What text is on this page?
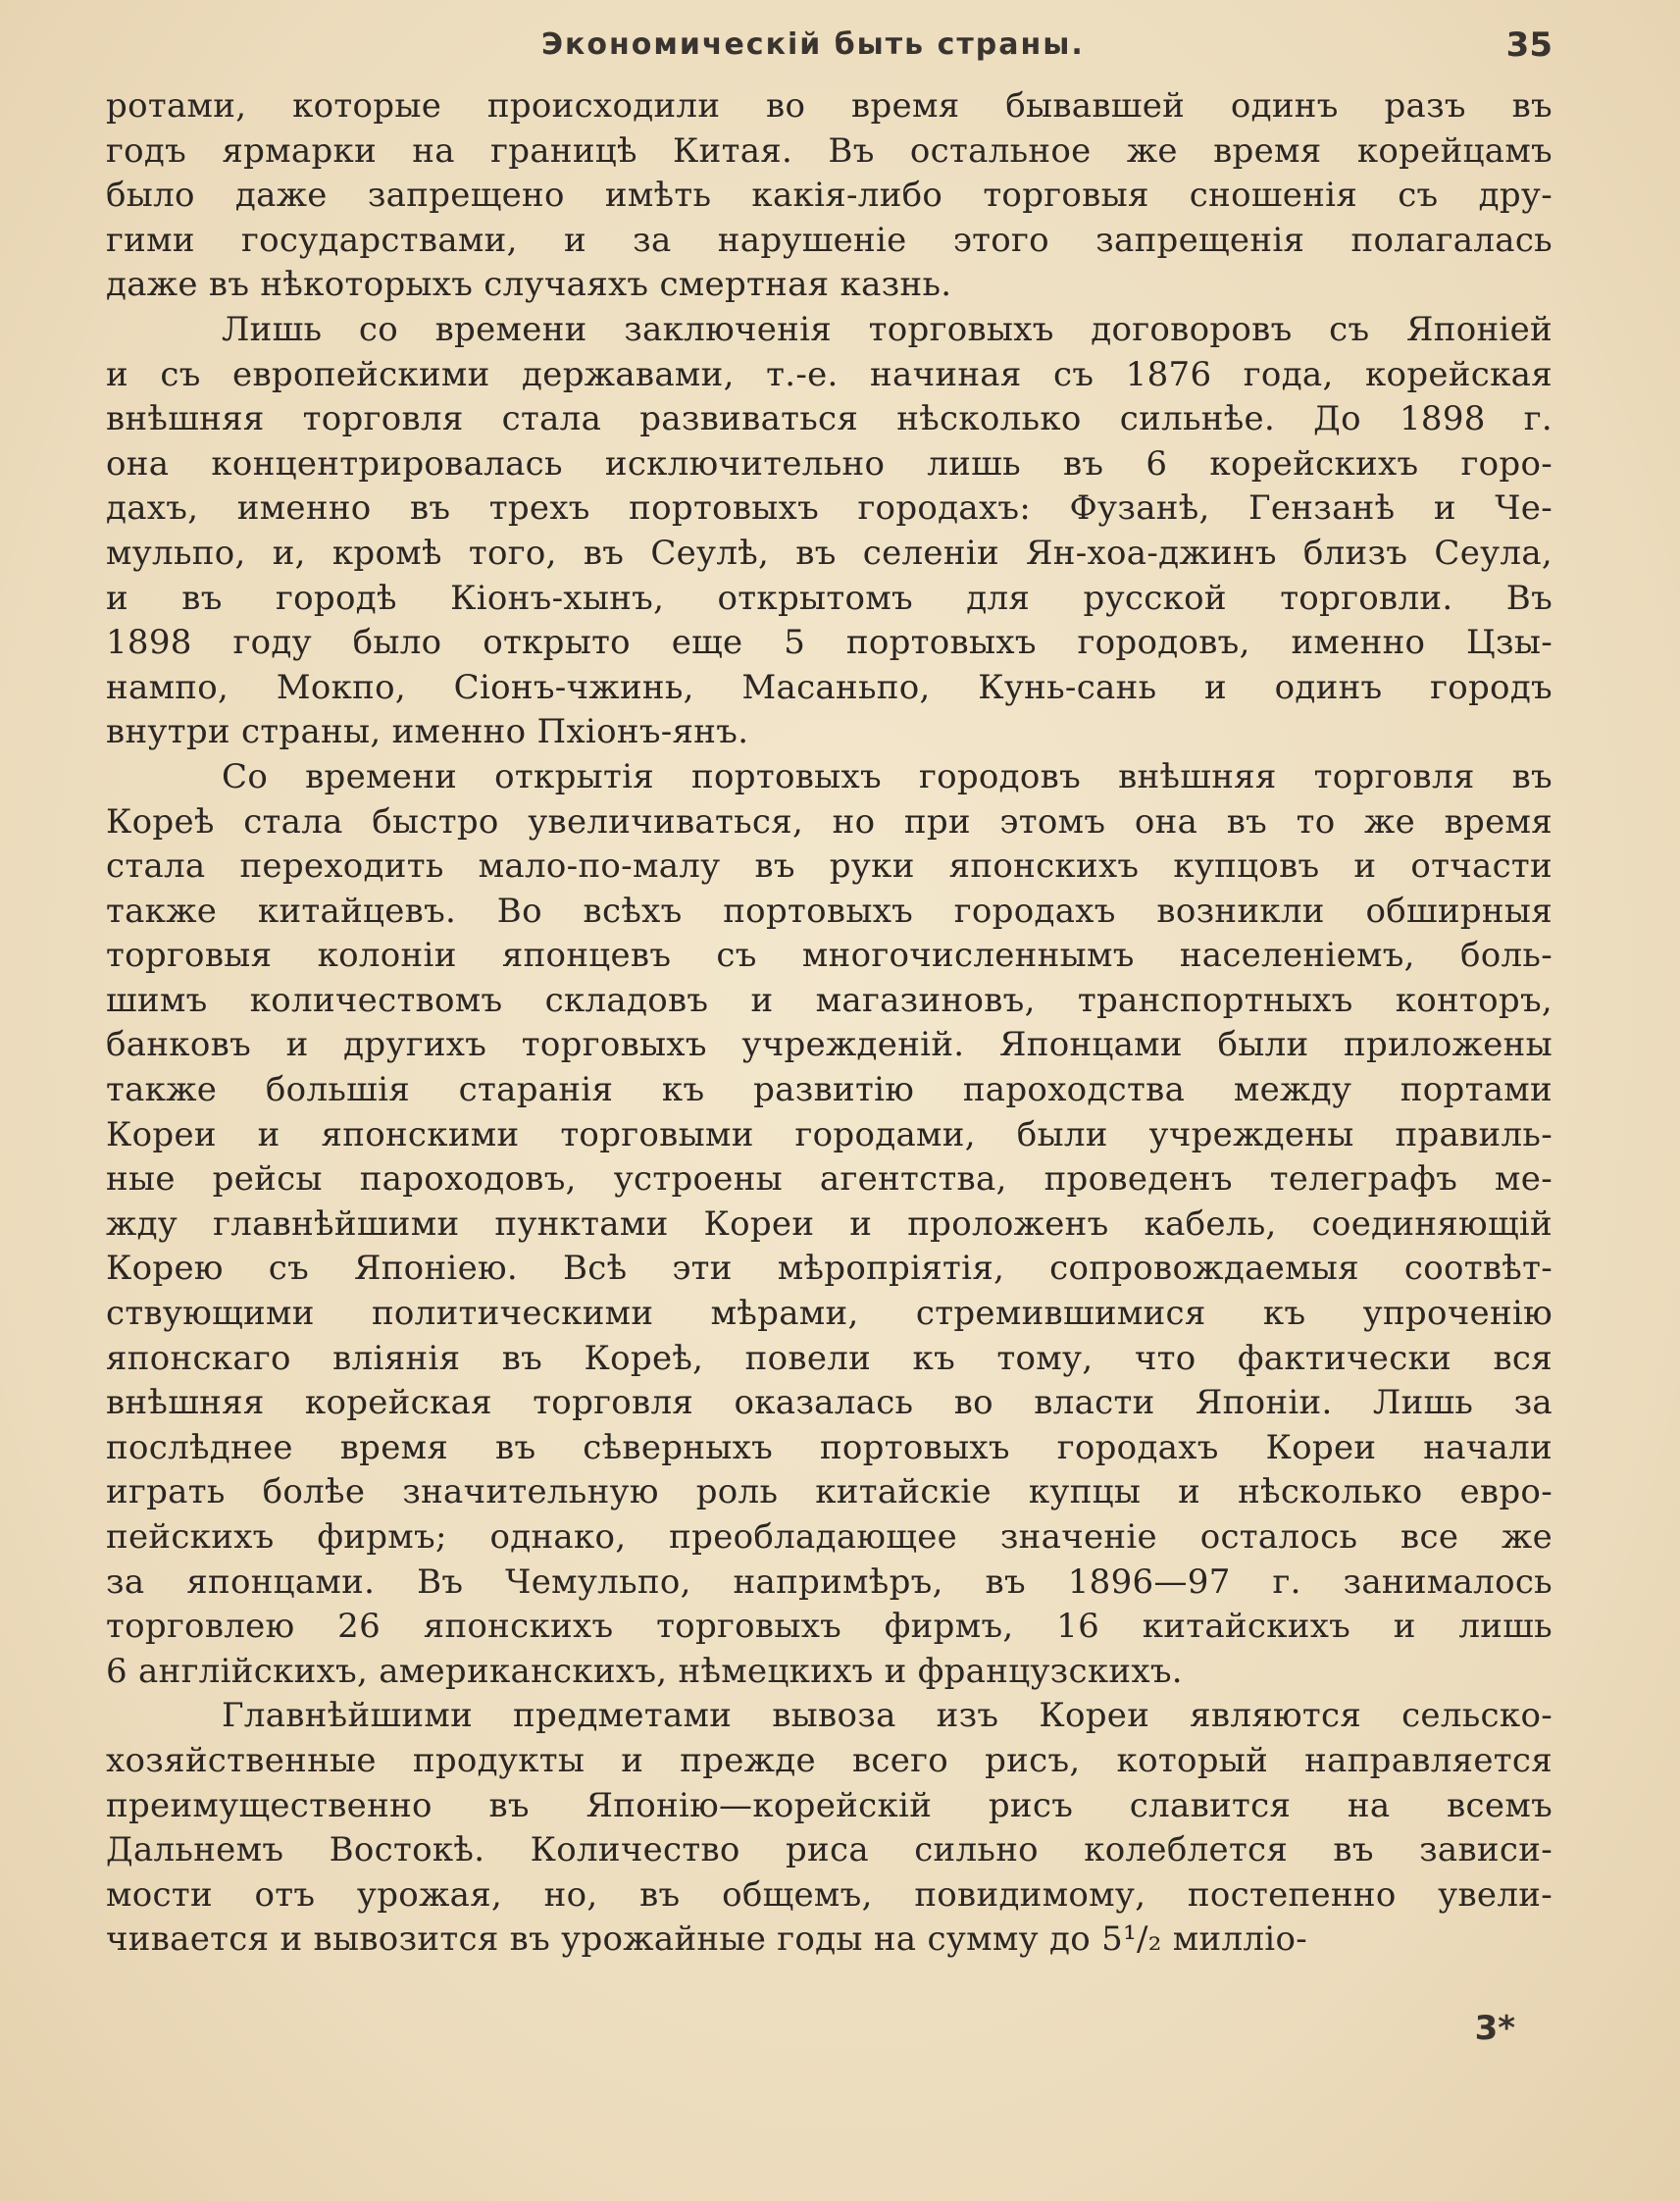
Экономическій быть страны.	35
ротами, которые происходили во время бывавшей одинъ разъ въ
годъ ярмарки на границѣ Китая. Въ остальное же время корейцамъ
было даже запрещено имѣть какія-либо торговыя сношенія съ дру-
гими государствами, и за нарушеніе этого запрещенія полагалась
даже въ нѣкоторыхъ случаяхъ смертная казнь.
Лишь со времени заключенія торговыхъ договоровъ съ Японіей
и съ европейскими державами, т.-е. начиная съ 1876 года, корейская
внѣшняя торговля стала развиваться нѣсколько сильнѣе. До 1898 г.
она концентрировалась исключительно лишь въ 6 корейскихъ горо-
дахъ, именно въ трехъ портовыхъ городахъ: Фузанѣ, Гензанѣ и Че-
мульпо, и, кромѣ того, въ Сеулѣ, въ селеніи Ян-хоа-джинъ близъ Сеула,
и въ городѣ Кіонъ-хынъ, открытомъ для русской торговли. Въ
1898 году было открыто еще 5 портовыхъ городовъ, именно Цзы-
нампо, Мокпо, Сіонъ-чжинь, Масаньпо, Кунь-сань и одинъ городъ
внутри страны, именно Пхіонъ-янъ.
Со времени открытія портовыхъ городовъ внѣшняя торговля въ
Кореѣ стала быстро увеличиваться, но при этомъ она въ то же время
стала переходить мало-по-малу въ руки японскихъ купцовъ и отчасти
также китайцевъ. Во всѣхъ портовыхъ городахъ возникли обширныя
торговыя колоніи японцевъ съ многочисленнымъ населеніемъ, боль-
шимъ количествомъ складовъ и магазиновъ, транспортныхъ конторъ,
банковъ и другихъ торговыхъ учрежденій. Японцами были приложены
также большія старанія къ развитію пароходства между портами
Кореи и японскими торговыми городами, были учреждены правиль-
ные рейсы пароходовъ, устроены агентства, проведенъ телеграфъ ме-
жду главнѣйшими пунктами Кореи и проложенъ кабель, соединяющій
Корею съ Японіею. Всѣ эти мѣропріятія, сопровождаемыя соотвѣт-
ствующими политическими мѣрами, стремившимися къ упроченію
японскаго вліянія въ Кореѣ, повели къ тому, что фактически вся
внѣшняя корейская торговля оказалась во власти Японіи. Лишь за
послѣднее время въ сѣверныхъ портовыхъ городахъ Кореи начали
играть болѣе значительную роль китайскіе купцы и нѣсколько евро-
пейскихъ фирмъ; однако, преобладающее значеніе осталось все же
за японцами. Въ Чемульпо, напримѣръ, въ 1896—97 г. занималось
торговлею 26 японскихъ торговыхъ фирмъ, 16 китайскихъ и лишь
6 англійскихъ, американскихъ, нѣмецкихъ и французскихъ.
Главнѣйшими предметами вывоза изъ Кореи являются сельско-
хозяйственные продукты и прежде всего рисъ, который направляется
преимущественно въ Японію—корейскій рисъ славится на всемъ
Дальнемъ Востокѣ. Количество риса сильно колеблется въ зависи-
мости отъ урожая, но, въ общемъ, повидимому, постепенно увели-
чивается и вывозится въ урожайные годы на сумму до 5¹/₂ милліо-
3*
